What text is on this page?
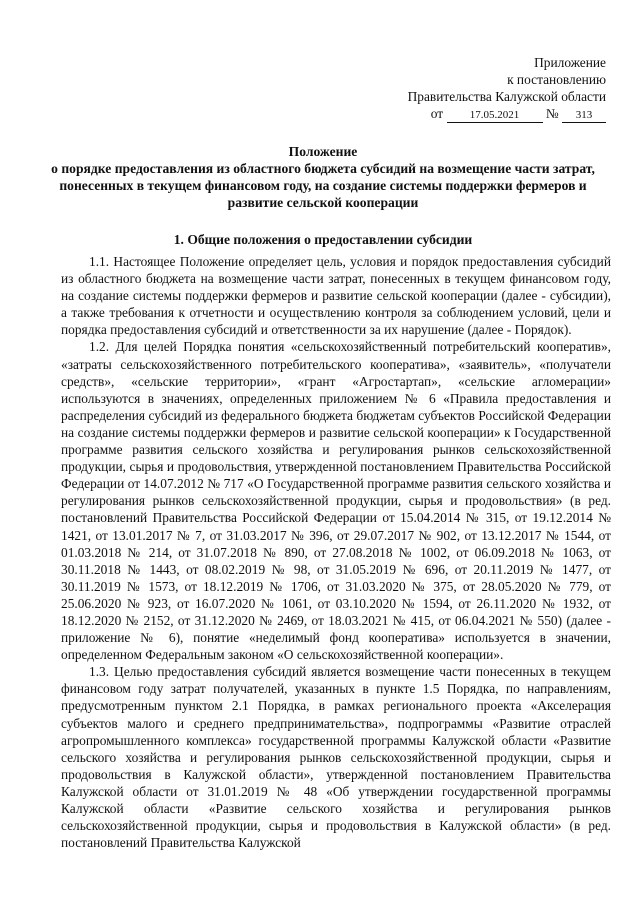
Приложение
к постановлению
Правительства Калужской области
от 17.05.2021 № 313
Положение
о порядке предоставления из областного бюджета субсидий на возмещение части затрат, понесенных в текущем финансовом году, на создание системы поддержки фермеров и развитие сельской кооперации
1. Общие положения о предоставлении субсидии

1.1. Настоящее Положение определяет цель, условия и порядок предоставления субсидий из областного бюджета на возмещение части затрат, понесенных в текущем финансовом году, на создание системы поддержки фермеров и развитие сельской кооперации (далее - субсидии), а также требования к отчетности и осуществлению контроля за соблюдением условий, цели и порядка предоставления субсидий и ответственности за их нарушение (далее - Порядок).

1.2. Для целей Порядка понятия «сельскохозяйственный потребительский кооператив», «затраты сельскохозяйственного потребительского кооператива», «заявитель», «получатели средств», «сельские территории», «грант «Агростартап», «сельские агломерации» используются в значениях, определенных приложением № 6 «Правила предоставления и распределения субсидий из федерального бюджета бюджетам субъектов Российской Федерации на создание системы поддержки фермеров и развитие сельской кооперации» к Государственной программе развития сельского хозяйства и регулирования рынков сельскохозяйственной продукции, сырья и продовольствия, утвержденной постановлением Правительства Российской Федерации от 14.07.2012 № 717 «О Государственной программе развития сельского хозяйства и регулирования рынков сельскохозяйственной продукции, сырья и продовольствия» (в ред. постановлений Правительства Российской Федерации от 15.04.2014 № 315, от 19.12.2014 № 1421, от 13.01.2017 № 7, от 31.03.2017 № 396, от 29.07.2017 № 902, от 13.12.2017 № 1544, от 01.03.2018 № 214, от 31.07.2018 № 890, от 27.08.2018 № 1002, от 06.09.2018 № 1063, от 30.11.2018 № 1443, от 08.02.2019 № 98, от 31.05.2019 № 696, от 20.11.2019 № 1477, от 30.11.2019 № 1573, от 18.12.2019 № 1706, от 31.03.2020 № 375, от 28.05.2020 № 779, от 25.06.2020 № 923, от 16.07.2020 № 1061, от 03.10.2020 № 1594, от 26.11.2020 № 1932, от 18.12.2020 № 2152, от 31.12.2020 № 2469, от 18.03.2021 № 415, от 06.04.2021 № 550) (далее - приложение № 6), понятие «неделимый фонд кооператива» используется в значении, определенном Федеральным законом «О сельскохозяйственной кооперации».

1.3. Целью предоставления субсидий является возмещение части понесенных в текущем финансовом году затрат получателей, указанных в пункте 1.5 Порядка, по направлениям, предусмотренным пунктом 2.1 Порядка, в рамках регионального проекта «Акселерация субъектов малого и среднего предпринимательства», подпрограммы «Развитие отраслей агропромышленного комплекса» государственной программы Калужской области «Развитие сельского хозяйства и регулирования рынков сельскохозяйственной продукции, сырья и продовольствия в Калужской области», утвержденной постановлением Правительства Калужской области от 31.01.2019 № 48 «Об утверждении государственной программы Калужской области «Развитие сельского хозяйства и регулирования рынков сельскохозяйственной продукции, сырья и продовольствия в Калужской области» (в ред. постановлений Правительства Калужской
